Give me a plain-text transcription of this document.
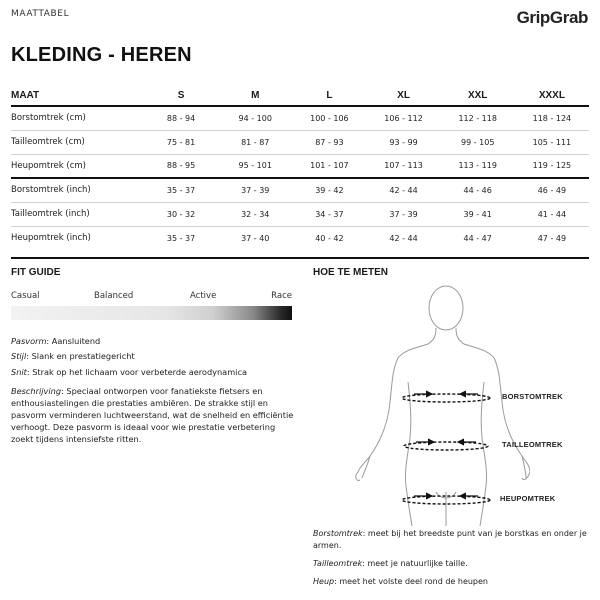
MAATTABEL	GripGrab
KLEDING - HEREN
MAAT	S	M	L	XL	XXL	XXXL
Borstomtrek (cm)	88 - 94	94 - 100	100 - 106	106 - 112	112 - 118	118 - 124
Tailleomtrek (cm)	75 - 81	81 - 87	87 - 93	93 - 99	99 - 105	105 - 111
Heupomtrek (cm)	88 - 95	95 - 101	101 - 107	107 - 113	113 - 119	119 - 125
Borstomtrek (inch)	35 - 37	37 - 39	39 - 42	42 - 44	44 - 46	46 - 49
Tailleomtrek (inch)	30 - 32	32 - 34	34 - 37	37 - 39	39 - 41	41 - 44
Heupomtrek (inch)	35 - 37	37 - 40	40 - 42	42 - 44	44 - 47	47 - 49
FIT GUIDE
Casual	Balanced	Active	Race
Pasvorm: Aansluitend
Stijl: Slank en prestatiegericht
Snit: Strak op het lichaam voor verbeterde aerodynamica
Beschrijving: Speciaal ontworpen voor fanatiekste fietsers en enthousiastelingen die prestaties ambiëren. De strakke stijl en pasvorm verminderen luchtweerstand, wat de snelheid en efficiëntie verhoogt. Deze pasvorm is ideaal voor wie prestatie verbetering zoekt tijdens intensiefste ritten.
HOE TE METEN
BORSTOMTREK
TAILLEOMTREK
HEUPOMTREK
Borstomtrek: meet bij het breedste punt van je borstkas en onder je armen.
Tailleomtrek: meet je natuurlijke taille.
Heup: meet het volste deel rond de heupen
